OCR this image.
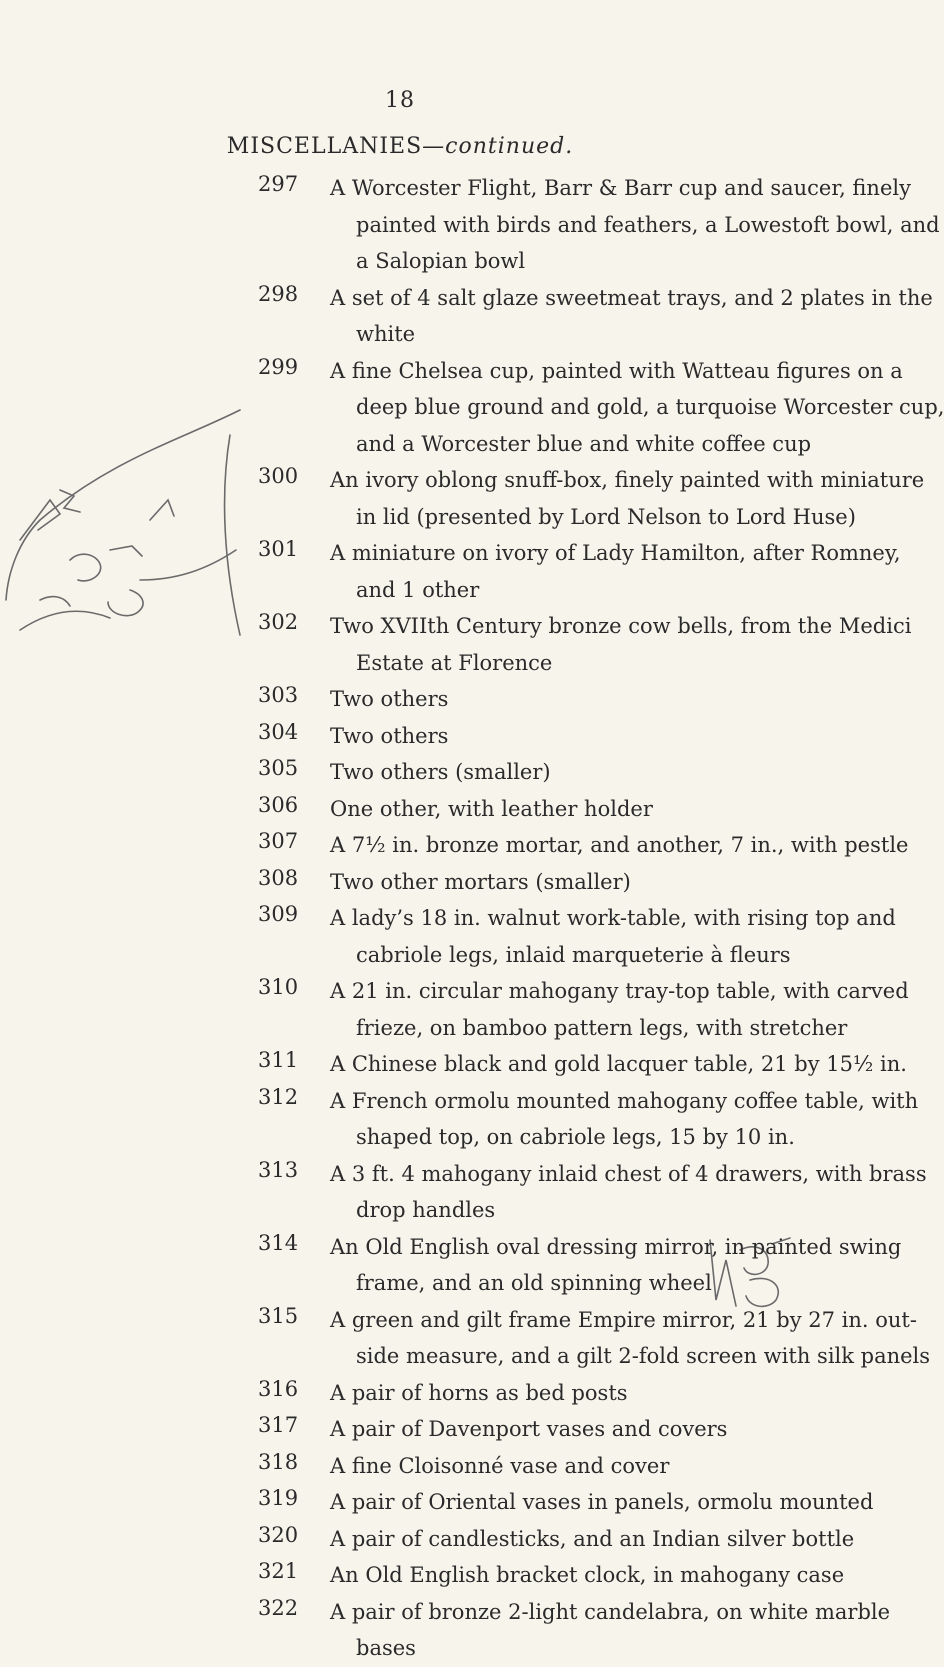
18
MISCELLANIES—continued.
297	A Worcester Flight, Barr & Barr cup and saucer, finely
painted with birds and feathers, a Lowestoft bowl, and
a Salopian bowl
298	A set of 4 salt glaze sweetmeat trays, and 2 plates in the
white
299	A fine Chelsea cup, painted with Watteau figures on a
deep blue ground and gold, a turquoise Worcester cup,
and a Worcester blue and white coffee cup
300	An ivory oblong snuff-box, finely painted with miniature
in lid (presented by Lord Nelson to Lord Huse)
301	A miniature on ivory of Lady Hamilton, after Romney,
and 1 other
302	Two XVIIth Century bronze cow bells, from the Medici
Estate at Florence
303	Two others
304	Two others
305	Two others (smaller)
306	One other, with leather holder
307	A 7½ in. bronze mortar, and another, 7 in., with pestle
308	Two other mortars (smaller)
309	A lady’s 18 in. walnut work-table, with rising top and
cabriole legs, inlaid marqueterie à fleurs
310	A 21 in. circular mahogany tray-top table, with carved
frieze, on bamboo pattern legs, with stretcher
311	A Chinese black and gold lacquer table, 21 by 15½ in.
312	A French ormolu mounted mahogany coffee table, with
shaped top, on cabriole legs, 15 by 10 in.
313	A 3 ft. 4 mahogany inlaid chest of 4 drawers, with brass
drop handles
314	An Old English oval dressing mirror, in painted swing
frame, and an old spinning wheel
315	A green and gilt frame Empire mirror, 21 by 27 in. out-
side measure, and a gilt 2-fold screen with silk panels
316	A pair of horns as bed posts
317	A pair of Davenport vases and covers
318	A fine Cloisonné vase and cover
319	A pair of Oriental vases in panels, ormolu mounted
320	A pair of candlesticks, and an Indian silver bottle
321	An Old English bracket clock, in mahogany case
322	A pair of bronze 2-light candelabra, on white marble
bases
